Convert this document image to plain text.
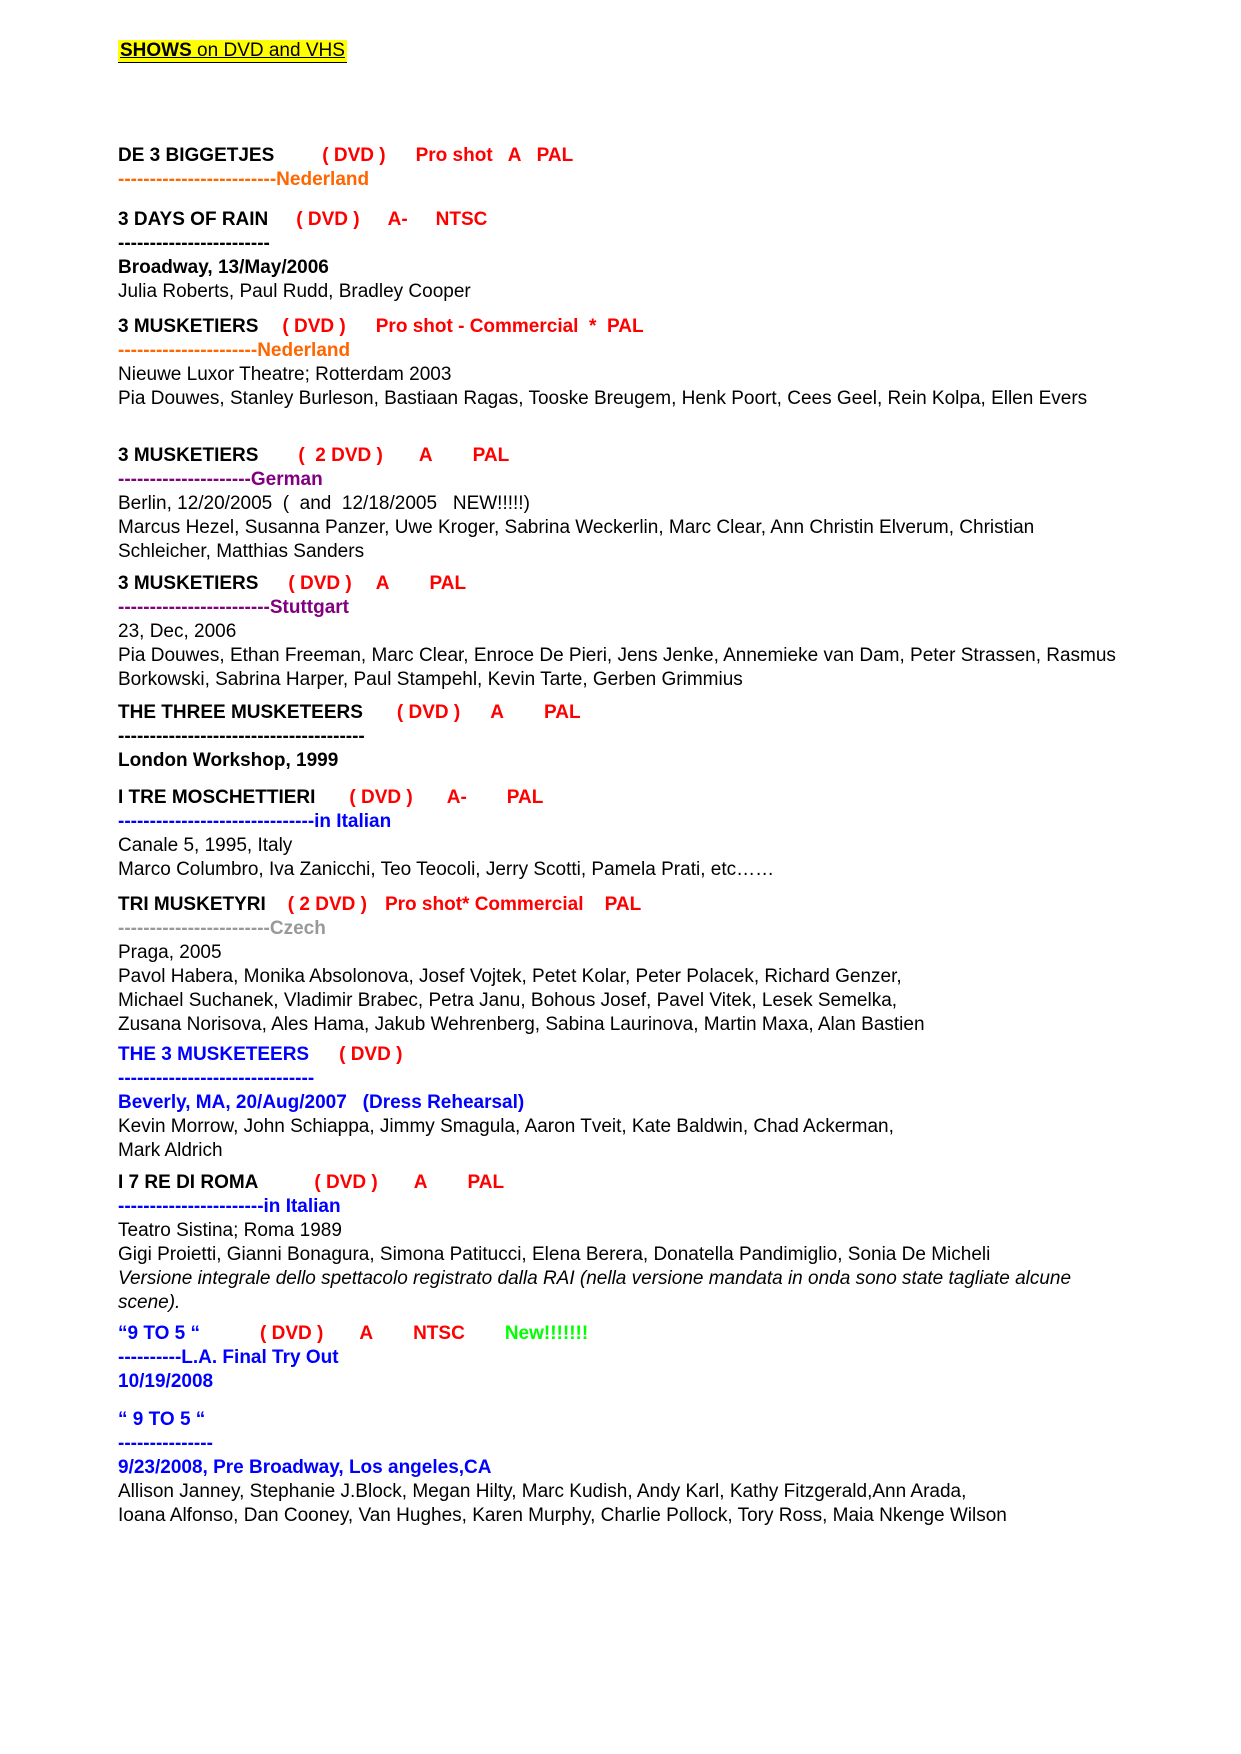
SHOWS on DVD and VHS
DE 3 BIGGETJES	( DVD ) Pro shot   A   PAL
-------------------------Nederland
3 DAYS OF RAIN ( DVD ) A- NTSC
------------------------
Broadway, 13/May/2006
Julia Roberts, Paul Rudd, Bradley Cooper
3 MUSKETIERS ( DVD ) Pro shot - Commercial  *  PAL
----------------------Nederland
Nieuwe Luxor Theatre; Rotterdam 2003
Pia Douwes, Stanley Burleson, Bastiaan Ragas, Tooske Breugem, Henk Poort, Cees Geel, Rein Kolpa, Ellen Evers
3 MUSKETIERS (  2 DVD ) A PAL
---------------------German
Berlin, 12/20/2005  (  and  12/18/2005   NEW!!!!!)
Marcus Hezel, Susanna Panzer, Uwe Kroger, Sabrina Weckerlin, Marc Clear, Ann Christin Elverum, Christian Schleicher, Matthias Sanders
3 MUSKETIERS ( DVD ) A PAL
------------------------Stuttgart
23, Dec, 2006
Pia Douwes, Ethan Freeman, Marc Clear, Enroce De Pieri, Jens Jenke, Annemieke van Dam, Peter Strassen, Rasmus Borkowski, Sabrina Harper, Paul Stampehl, Kevin Tarte, Gerben Grimmius
THE THREE MUSKETEERS ( DVD ) A PAL
---------------------------------------
London Workshop, 1999
I TRE MOSCHETTIERI ( DVD ) A- PAL
-------------------------------in Italian
Canale 5, 1995, Italy
Marco Columbro, Iva Zanicchi, Teo Teocoli, Jerry Scotti, Pamela Prati, etc……
TRI MUSKETYRI ( 2 DVD ) Pro shot* Commercial    PAL
------------------------Czech
Praga, 2005
Pavol Habera, Monika Absolonova, Josef Vojtek, Petet Kolar, Peter Polacek, Richard Genzer,
Michael Suchanek, Vladimir Brabec, Petra Janu, Bohous Josef, Pavel Vitek, Lesek Semelka,
Zusana Norisova, Ales Hama, Jakub Wehrenberg, Sabina Laurinova, Martin Maxa, Alan Bastien
THE 3 MUSKETEERS ( DVD )
-------------------------------
Beverly, MA, 20/Aug/2007   (Dress Rehearsal)
Kevin Morrow, John Schiappa, Jimmy Smagula, Aaron Tveit, Kate Baldwin, Chad Ackerman,
Mark Aldrich
I 7 RE DI ROMA	( DVD ) A PAL
-----------------------in Italian
Teatro Sistina; Roma 1989
Gigi Proietti, Gianni Bonagura, Simona Patitucci, Elena Berera, Donatella Pandimiglio, Sonia De Micheli
Versione integrale dello spettacolo registrato dalla RAI (nella versione mandata in onda sono state tagliate alcune scene).
“9 TO 5 “	( DVD ) A NTSC New!!!!!!!
----------L.A. Final Try Out
10/19/2008
“ 9 TO 5 “
---------------
9/23/2008, Pre Broadway, Los angeles,CA
Allison Janney, Stephanie J.Block, Megan Hilty, Marc Kudish, Andy Karl, Kathy Fitzgerald,Ann Arada,
Ioana Alfonso, Dan Cooney, Van Hughes, Karen Murphy, Charlie Pollock, Tory Ross, Maia Nkenge Wilson
